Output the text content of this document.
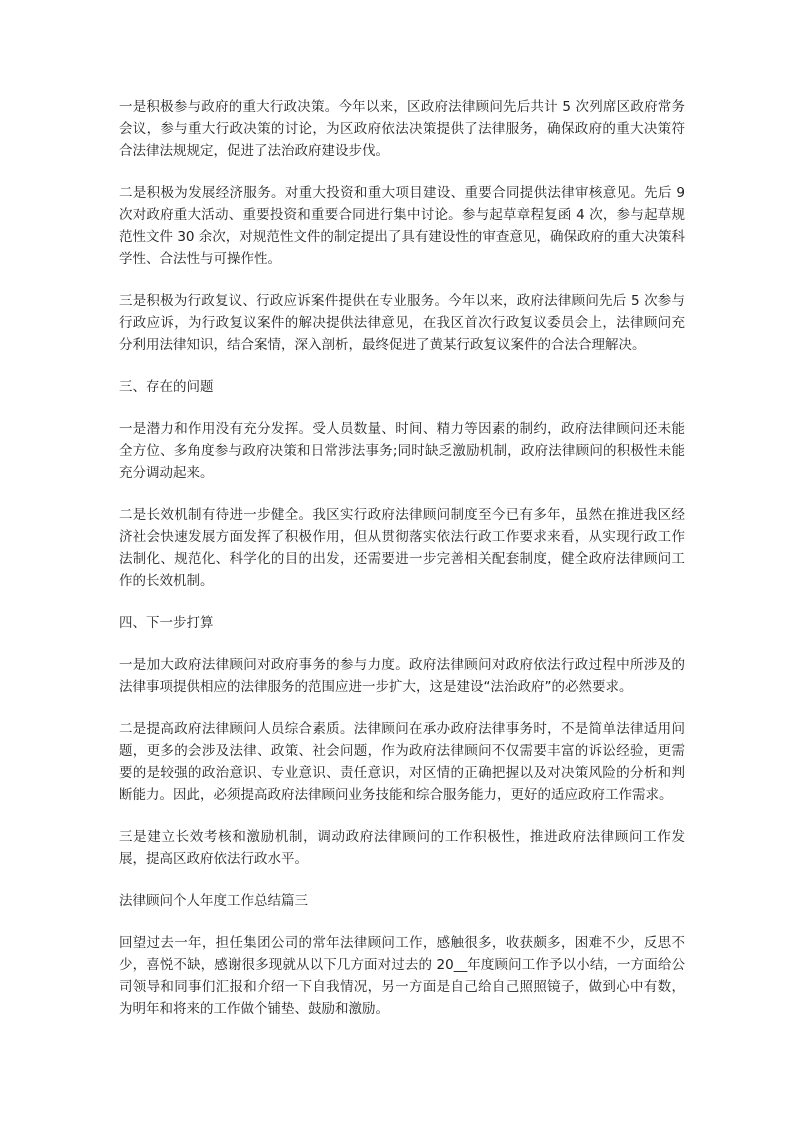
一是积极参与政府的重大行政决策。今年以来，区政府法律顾问先后共计 5 次列席区政府常务会议，参与重大行政决策的讨论，为区政府依法决策提供了法律服务，确保政府的重大决策符合法律法规规定，促进了法治政府建设步伐。

二是积极为发展经济服务。对重大投资和重大项目建设、重要合同提供法律审核意见。先后 9 次对政府重大活动、重要投资和重要合同进行集中讨论。参与起草章程复函 4 次，参与起草规范性文件 30 余次，对规范性文件的制定提出了具有建设性的审查意见，确保政府的重大决策科学性、合法性与可操作性。

三是积极为行政复议、行政应诉案件提供在专业服务。今年以来，政府法律顾问先后 5 次参与行政应诉，为行政复议案件的解决提供法律意见，在我区首次行政复议委员会上，法律顾问充分利用法律知识，结合案情，深入剖析，最终促进了黄某行政复议案件的合法合理解决。

三、存在的问题

一是潜力和作用没有充分发挥。受人员数量、时间、精力等因素的制约，政府法律顾问还未能全方位、多角度参与政府决策和日常涉法事务;同时缺乏激励机制，政府法律顾问的积极性未能充分调动起来。

二是长效机制有待进一步健全。我区实行政府法律顾问制度至今已有多年，虽然在推进我区经济社会快速发展方面发挥了积极作用，但从贯彻落实依法行政工作要求来看，从实现行政工作法制化、规范化、科学化的目的出发，还需要进一步完善相关配套制度，健全政府法律顾问工作的长效机制。

四、下一步打算

一是加大政府法律顾问对政府事务的参与力度。政府法律顾问对政府依法行政过程中所涉及的法律事项提供相应的法律服务的范围应进一步扩大，这是建设“法治政府”的必然要求。

二是提高政府法律顾问人员综合素质。法律顾问在承办政府法律事务时，不是简单法律适用问题，更多的会涉及法律、政策、社会问题，作为政府法律顾问不仅需要丰富的诉讼经验，更需要的是较强的政治意识、专业意识、责任意识，对区情的正确把握以及对决策风险的分析和判断能力。因此，必须提高政府法律顾问业务技能和综合服务能力，更好的适应政府工作需求。

三是建立长效考核和激励机制，调动政府法律顾问的工作积极性，推进政府法律顾问工作发展，提高区政府依法行政水平。

法律顾问个人年度工作总结篇三

回望过去一年，担任集团公司的常年法律顾问工作，感触很多，收获颇多，困难不少，反思不少，喜悦不缺，感谢很多现就从以下几方面对过去的 20__年度顾问工作予以小结，一方面给公司领导和同事们汇报和介绍一下自我情况，另一方面是自己给自己照照镜子，做到心中有数，为明年和将来的工作做个铺垫、鼓励和激励。
